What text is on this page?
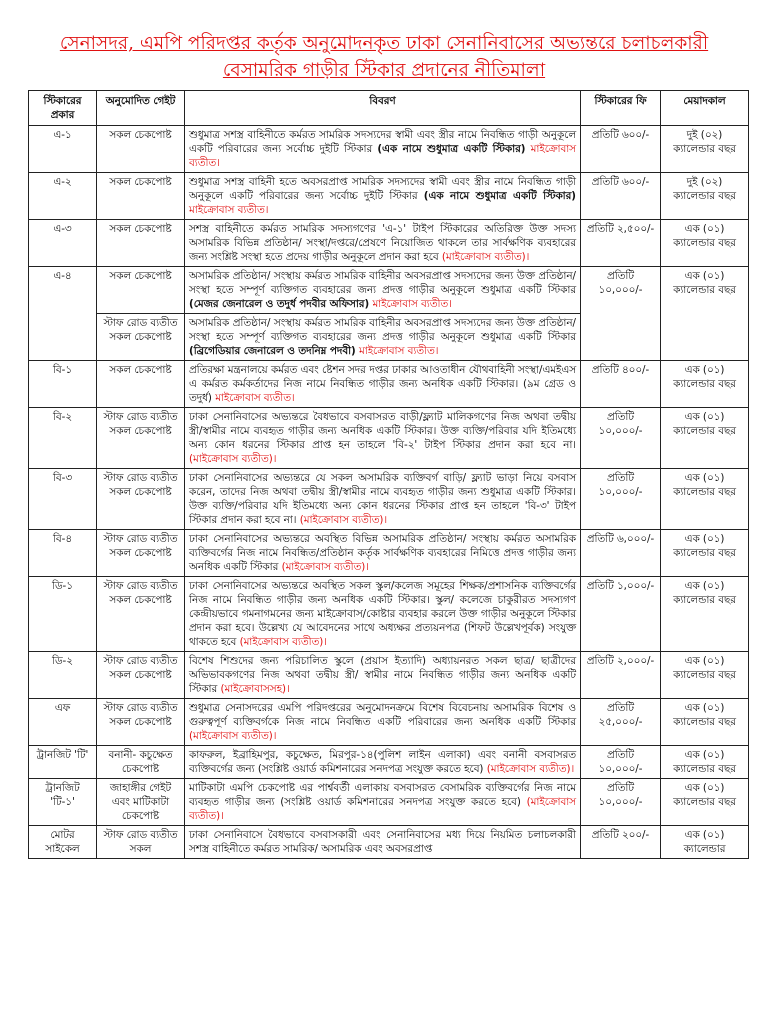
সেনাসদর, এমপি পরিদপ্তর কর্তৃক অনুমোদনকৃত ঢাকা সেনানিবাসের অভ্যন্তরে চলাচলকারী
বেসামরিক গাড়ীর স্টিকার প্রদানের নীতিমালা
স্টিকারের প্রকার	অনুমোদিত গেইট	বিবরণ	স্টিকারের ফি	মেয়াদকাল
এ-১	সকল চেকপোষ্ট	শুধুমাত্র সশস্ত্র বাহিনীতে কর্মরত সামরিক সদস্যদের স্বামী এবং স্ত্রীর নামে নিবন্ধিত গাড়ী অনুকূলে একটি পরিবারের জন্য সর্বোচ্চ দুইটি স্টিকার (এক নামে শুধুমাত্র একটি স্টিকার) মাইক্রোবাস ব্যতীত।	প্রতিটি ৬০০/-	দুই (০২) ক্যালেন্ডার বছর
এ-২	সকল চেকপোষ্ট	শুধুমাত্র সশস্ত্র বাহিনী হতে অবসরপ্রাপ্ত সামরিক সদস্যদের স্বামী এবং স্ত্রীর নামে নিবন্ধিত গাড়ী অনুকূলে একটি পরিবারের জন্য সর্বোচ্চ দুইটি স্টিকার (এক নামে শুধুমাত্র একটি স্টিকার) মাইক্রোবাস ব্যতীত।	প্রতিটি ৬০০/-	দুই (০২) ক্যালেন্ডার বছর
এ-৩	সকল চেকপোষ্ট	সশস্ত্র বাহিনীতে কর্মরত সামরিক সদস্যগণের 'এ-১' টাইপ স্টিকারের অতিরিক্ত উক্ত সদস্য অসামরিক বিভিন্ন প্রতিষ্ঠান/ সংস্থা/দপ্তরে/প্রেষণে নিয়োজিত থাকলে তার সার্বক্ষণিক ব্যবহারের জন্য সংশ্লিষ্ট সংস্থা হতে প্রদেয় গাড়ীর অনুকূলে প্রদান করা হবে (মাইক্রোবাস ব্যতীত)।	প্রতিটি ২,৫০০/-	এক (০১) ক্যালেন্ডার বছর
এ-৪	সকল চেকপোষ্ট	অসামরিক প্রতিষ্ঠান/ সংস্থায় কর্মরত সামরিক বাহিনীর অবসরপ্রাপ্ত সদস্যদের জন্য উক্ত প্রতিষ্ঠান/সংস্থা হতে সম্পূর্ণ ব্যক্তিগত ব্যবহারের জন্য প্রদত্ত গাড়ীর অনুকূলে শুধুমাত্র একটি স্টিকার (মেজর জেনারেল ও তদুর্ধ পদবীর অফিসার) মাইক্রোবাস ব্যতীত।	প্রতিটি ১০,০০০/-	এক (০১) ক্যালেন্ডার বছর
	স্টাফ রোড ব্যতীত সকল চেকপোষ্ট	অসামরিক প্রতিষ্ঠান/ সংস্থায় কর্মরত সামরিক বাহিনীর অবসরপ্রাপ্ত সদস্যদের জন্য উক্ত প্রতিষ্ঠান/সংস্থা হতে সম্পূর্ণ ব্যক্তিগত ব্যবহারের জন্য প্রদত্ত গাড়ীর অনুকূলে শুধুমাত্র একটি স্টিকার (ব্রিগেডিয়ার জেনারেল ও তদনিম্ন পদবী) মাইক্রোবাস ব্যতীত।		
বি-১	সকল চেকপোষ্ট	প্রতিরক্ষা মন্ত্রনালয়ে কর্মরত এবং ষ্টেশন সদর দপ্তর ঢাকার আওতাধীন যৌথবাহিনী সংস্থা/এমইএস এ কর্মরত কর্মকর্তাদের নিজ নামে নিবন্ধিত গাড়ীর জন্য অনধিক একটি স্টিকার। (৯ম গ্রেড ও তদুর্ধ) মাইক্রোবাস ব্যতীত।	প্রতিটি ৪০০/-	এক (০১) ক্যালেন্ডার বছর
বি-২	স্টাফ রোড ব্যতীত সকল চেকপোষ্ট	ঢাকা সেনানিবাসের অভ্যন্তরে বৈধভাবে বসবাসরত বাড়ী/ফ্ল্যাট মালিকগণের নিজ অথবা তদ্বীয় স্ত্রী/স্বামীর নামে ব্যবহৃত গাড়ীর জন্য অনধিক একটি স্টিকার। উক্ত ব্যক্তি/পরিবার যদি ইতিমধ্যে অন্য কোন ধরনের স্টিকার প্রাপ্ত হন তাহলে 'বি-২' টাইপ স্টিকার প্রদান করা হবে না। (মাইক্রোবাস ব্যতীত)।	প্রতিটি ১০,০০০/-	এক (০১) ক্যালেন্ডার বছর
বি-৩	স্টাফ রোড ব্যতীত সকল চেকপোষ্ট	ঢাকা সেনানিবাসের অভ্যন্তরে যে সকল অসামরিক ব্যক্তিবর্গ বাড়ি/ ফ্ল্যাট ভাড়া নিয়ে বসবাস করেন, তাদের নিজ অথবা তদ্বীয় স্ত্রী/স্বামীর নামে ব্যবহৃত গাড়ীর জন্য শুধুমাত্র একটি স্টিকার। উক্ত ব্যক্তি/পরিবার যদি ইতিমধ্যে অন্য কোন ধরনের স্টিকার প্রাপ্ত হন তাহলে 'বি-৩' টাইপ স্টিকার প্রদান করা হবে না। (মাইক্রোবাস ব্যতীত)।	প্রতিটি ১০,০০০/-	এক (০১) ক্যালেন্ডার বছর
বি-৪	স্টাফ রোড ব্যতীত সকল চেকপোষ্ট	ঢাকা সেনানিবাসের অভ্যন্তরে অবস্থিত বিভিন্ন অসামরিক প্রতিষ্ঠান/ সংস্থায় কর্মরত অসামরিক ব্যক্তিবর্গের নিজ নামে নিবন্ধিত/প্রতিষ্ঠান কর্তৃক সার্বক্ষণিক ব্যবহারের নিমিত্তে প্রদত্ত গাড়ীর জন্য অনধিক একটি স্টিকার (মাইক্রোবাস ব্যতীত)।	প্রতিটি ৬,০০০/-	এক (০১) ক্যালেন্ডার বছর
ডি-১	স্টাফ রোড ব্যতীত সকল চেকপোষ্ট	ঢাকা সেনানিবাসের অভ্যন্তরে অবস্থিত সকল স্কুল/কলেজ সমূহের শিক্ষক/প্রশাসনিক ব্যক্তিবর্গের নিজ নামে নিবন্ধিত গাড়ীর জন্য অনধিক একটি স্টিকার। স্কুল/ কলেজে চাকুরীরত সদস্যগণ কেন্দ্রীয়ভাবে গমনাগমনের জন্য মাইক্রোবাস/কোষ্টার ব্যবহার করলে উক্ত গাড়ীর অনুকূলে স্টিকার প্রদান করা হবে। উল্লেখ্য যে আবেদনের সাথে অধ্যক্ষর প্রত্যয়নপত্র (শিফট উল্লেখপূর্বক) সংযুক্ত থাকতে হবে (মাইক্রোবাস ব্যতীত)।	প্রতিটি ১,০০০/-	এক (০১) ক্যালেন্ডার বছর
ডি-২	স্টাফ রোড ব্যতীত সকল চেকপোষ্ট	বিশেষ শিশুদের জন্য পরিচালিত স্কুলে (প্রয়াস ইত্যাদি) অধ্যায়নরত সকল ছাত্র/ ছাত্রীদের অভিভাবকগণের নিজ অথবা তদ্বীয় স্ত্রী/ স্বামীর নামে নিবন্ধিত গাড়ীর জন্য অনধিক একটি স্টিকার (মাইক্রোবাসসহ)।	প্রতিটি ২,০০০/-	এক (০১) ক্যালেন্ডার বছর
এফ	স্টাফ রোড ব্যতীত সকল চেকপোষ্ট	শুধুমাত্র সেনাসদরের এমপি পরিদপ্তরের অনুমোদনক্রমে বিশেষ বিবেচনায় অসামরিক বিশেষ ও গুরুত্বপূর্ণ ব্যক্তিবর্গকে নিজ নামে নিবন্ধিত একটি পরিবারের জন্য অনধিক একটি স্টিকার (মাইক্রোবাস ব্যতীত)।	প্রতিটি ২৫,০০০/-	এক (০১) ক্যালেন্ডার বছর
ট্রানজিট 'টি'	বনানী- কচুক্ষেত চেকপোষ্ট	কাফরুল, ইব্রাহিমপুর, কচুক্ষেত, মিরপুর-১৪(পুলিশ লাইন এলাকা) এবং বনানী বসবাসরত ব্যক্তিবর্গের জন্য (সংশ্লিষ্ট ওয়ার্ড কমিশনারের সনদপত্র সংযুক্ত করতে হবে) (মাইক্রোবাস ব্যতীত)।	প্রতিটি ১০,০০০/-	এক (০১) ক্যালেন্ডার বছর
ট্রানজিট 'টি-১'	জাহাঙ্গীর গেইট এবং মাটিকাটা চেকপোষ্ট	মাটিকাটা এমপি চেকপোষ্ট এর পার্শ্ববর্তী এলাকায় বসবাসরত বেসামরিক ব্যক্তিবর্গের নিজ নামে ব্যবহৃত গাড়ীর জন্য (সংশ্লিষ্ট ওয়ার্ড কমিশনারের সনদপত্র সংযুক্ত করতে হবে) (মাইক্রোবাস ব্যতীত)।	প্রতিটি ১০,০০০/-	এক (০১) ক্যালেন্ডার বছর
মোটর সাইকেল	স্টাফ রোড ব্যতীত সকল	ঢাকা সেনানিবাসে বৈধভাবে বসবাসকারী এবং সেনানিবাসের মধ্য দিয়ে নিয়মিত চলাচলকারী সশস্ত্র বাহিনীতে কর্মরত সামরিক/ অসামরিক এবং অবসরপ্রাপ্ত	প্রতিটি ২০০/-	এক (০১) ক্যালেন্ডার
